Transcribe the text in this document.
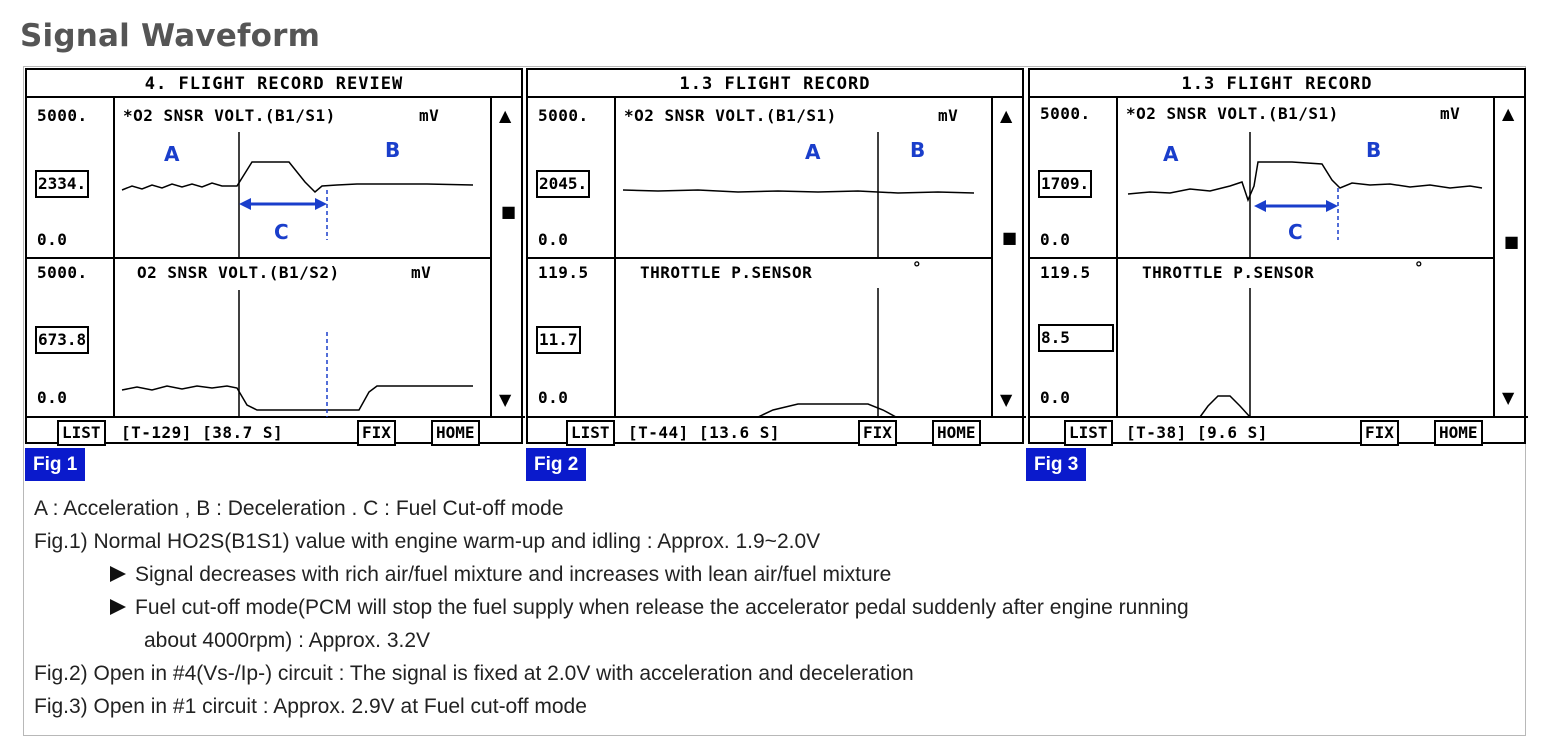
Signal Waveform
4. FLIGHT RECORD REVIEW
5000. *O2 SNSR VOLT.(B1/S1)	mV
2334.
0.0
5000.	O2 SNSR VOLT.(B1/S2)	mV
673.8
0.0
A	B
C
▲
■
▼
LIST	[T-129] [38.7 S]	FIX	HOME
1.3 FLIGHT RECORD
5000. *O2 SNSR VOLT.(B1/S1)	mV
2045.
0.0
119.5	THROTTLE P.SENSOR	°
11.7
0.0
A	B
▲
■
▼
LIST	[T-44] [13.6 S]	FIX	HOME
1.3 FLIGHT RECORD
5000. *O2 SNSR VOLT.(B1/S1)	mV
1709.
0.0
119.5	THROTTLE P.SENSOR	°
8.5
0.0
A	B
C
▲
■
▼
LIST	[T-38] [9.6 S]	FIX	HOME
Fig 1	Fig 2	Fig 3
A : Acceleration , B : Deceleration . C : Fuel Cut-off mode
Fig.1) Normal HO2S(B1S1) value with engine warm-up and idling : Approx. 1.9~2.0V
Signal decreases with rich air/fuel mixture and increases with lean air/fuel mixture
Fuel cut-off mode(PCM will stop the fuel supply when release the accelerator pedal suddenly after engine running
about 4000rpm) : Approx. 3.2V
Fig.2) Open in #4(Vs-/Ip-) circuit : The signal is fixed at 2.0V with acceleration and deceleration
Fig.3) Open in #1 circuit : Approx. 2.9V at Fuel cut-off mode
